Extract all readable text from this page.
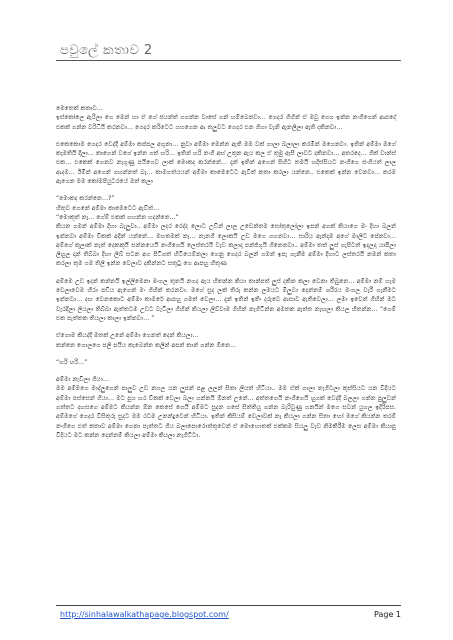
පවුලේ කතාව 2

මෙතෙක් කතාව…
ඉස්කෝලෙ ඇරිලා ගෙ මෙන් හා ඒ ගේ ජයන්ත් ගගන්න වාසේ ගන් හම්බෙනවා… ගෙදර ගිහින් ඒ මවු ගෙග ඉන්න නංගීගෙන් ආපදේ එකක් ගන්න වරිධියි කරනවා… ගෙදර කරිටෙට ගහගෙන ආ තලුවට ගෙදර එන ගිහා වැනි ඇනලිලා ඇති දකිනවා…

එකෙකොම ගෙදර වෙද්දී අම්මා කප්පල අගුනා… නුවා අම්මා මෙන්න ඇති මම වක් ගාලා බලාලා කරමින් මගෙනවා. ඉතින් අම්මා මගේ කැමතියි දීලා… කාගෙන් වගේ ඉන්න ගත් හරි… ඉතින් හරි නංගී අභ් උතුන ඇය කල ඒ තුමු ඇසී ලාවට දකිනවා… අතරදෙ… ගික් වාන්ස් එක… එකෙක් ගෙනව නැගුණු පයිගෙව ලාක් මොකද කරන්නේ… දැන් ඉතින් අගෙන් පිහිට තමයි හදිස්සියට නංගීගෙ ජංගියත් ලාල ආදම… ඊමින් අගෙන් ගහන්නත් බෑ… කාමගත්යයන් අම්මා කාමෙටෙට ඇවිත් කතා කරලා යන්නෙ.. එකෙක් ඉන්න වෙනවා… කරම ඇගෙන මම කෝමපියුටරයේ ඔත් කලා

“මොකද කරන්නෙ…?”
හිතුව ගෙනේ අම්මා කාමෙටෙට ඇවිත්…
“මොකුත් නෑ… ගේම් එකක් ගහන්න හදන්නෙ…”
කියන ගමන් අම්මා දිහා බැලුවා.. අම්මා ලදර රෙද්ද ලොට උඩින් ලාල උඩෙන්තම සෝතුලෝලා ඉපන් අගක් කියාගෙ මං දිහා බලන් ඉන්නවා අම්මා චිකක් අදින් යන්නේ… මහතමක් නෑ… නැනගී ලොකයි උඩ මගෙ ගහනවා… සාරිය ඇන්දාම අගේ මාලිට පේනවා… අම්ගේ කුලාක් නැත් දෙකකුයි සන්නයෙයි නංගීගෙයි ලෙස්තරයි වැඩ කලාදා පන්ජ්ගුයි ගිනෙනවා.. අම්මා තත් ලුස් ගැපිටත් ඉදලදා යාපීලා ලිහුල දාන් තිබ්බා දිහා ලීබ් සටන අග පිටිගත් හිටියෙම්නලා ගෙනු ගෙදර බලන් ගමන් ඉපැ ගැනීම අම්මා දිහාට ලස්තරයි නමන් කතා කරලා තුම ගම තිලි ඉන්න වෙලාව දකින්නට සතුටු ගෙ ආපහු හිතුණ

අම්මෙ උඩ ඉදන් කන්නයි ඉල්ලිමෙනා මංගල තුනයි නගද ඇය හිතන්න කියා තාන්පත් ලුස් දකින කලා වෙනා තිබුනෙ… අම්මා නම් හැම වෙලාවෙම හීරා පඩිය ඇගෙන් මං ගිහින් කරනවා. මගේ සුද ලක් තිරු කන්න ලමයට මිලුවා දෙන්නම් ශරීරය මංගල වැරී ගැනීමට ඉන්නවා… දඟ වෙනකොට අම්මා කාමරේ ආපහු ගමත් වෙලා… දැන් ඉතින් ඉතිං දරුවෙ ආසාව ඇතිවෙලා… ලමා ඉවෙන් ගිහින් මට වැරදීලා ලියලා තිබ්බා ඇත්තටම උඩට වැටිලා ගිහින් කියලා ලිව්වාම ගිහින් නැගිටින්න අමතක ඇත්ත නැඟලා කියල හිතන්න… “ගෙම් එක පැත්තක තියලා කාලා ඉන්නවා… ”

ඒගොම කියද්දි මතක් උනේ අම්මා ගෙනත් දෙන් කියලා…
කන්නෙ ගොලගෙ පලි පයිය කැබෙන්න කලින් අපන් කාන් ගන්න ඕනෙ…

“හරි හරි…”

අම්මා නැවිලා ගියා…
මම අම්මගෙ මාද්ලුගෙන් පාලුව උඩ නගල යන ලුපන් පළ ලලන් සිතා ලියත් හිටියා.. මම ඒක් ගාලා නැගිටලා කුස්සියට යන විදියට අම්මා පස්සෙන් ගියා… මට පුග හර චිකක් වෙලා බලා ගන්නයි ඕනත් උනේ… අත්තගෙයි නංගීගෙයි හුගක් වෙද්දී බලලා ගන්න පුලුවන් ගත්තට දහසගෙ අම්මට කියන්න ඕන කෙසේ ගෙයි අම්මට සුදන ගසේ සිත්තියු ගන්න බැරිවුණු ගනයින් මගෙ සවන් යුගල ඉදිරිපස. අම්මගේ ගෙදර විසිතුරු සුදට මම රටම උනන්දුවෙන් හිටියා. ඉතින් කිසියම් වෙලාවක් නෑ කියලා ගන්න සිතා හෝ මගේ කියන්න තරම් නංගීගෙ එත් කතාව අම්මා ගෙනා පැත්තට ගිය බලාපොරොත්තුවෙන් ඒ මොහොතක් එක්කම සියලු වැඩ නිමකිරීම ලෙස අම්මා කියාපු විදියට මට කන්න දෙන්නම් කියලා අම්මා කියලා නැගිට්ටා.

http://sinhalawalkathapage.blogspot.com/	Page 1
